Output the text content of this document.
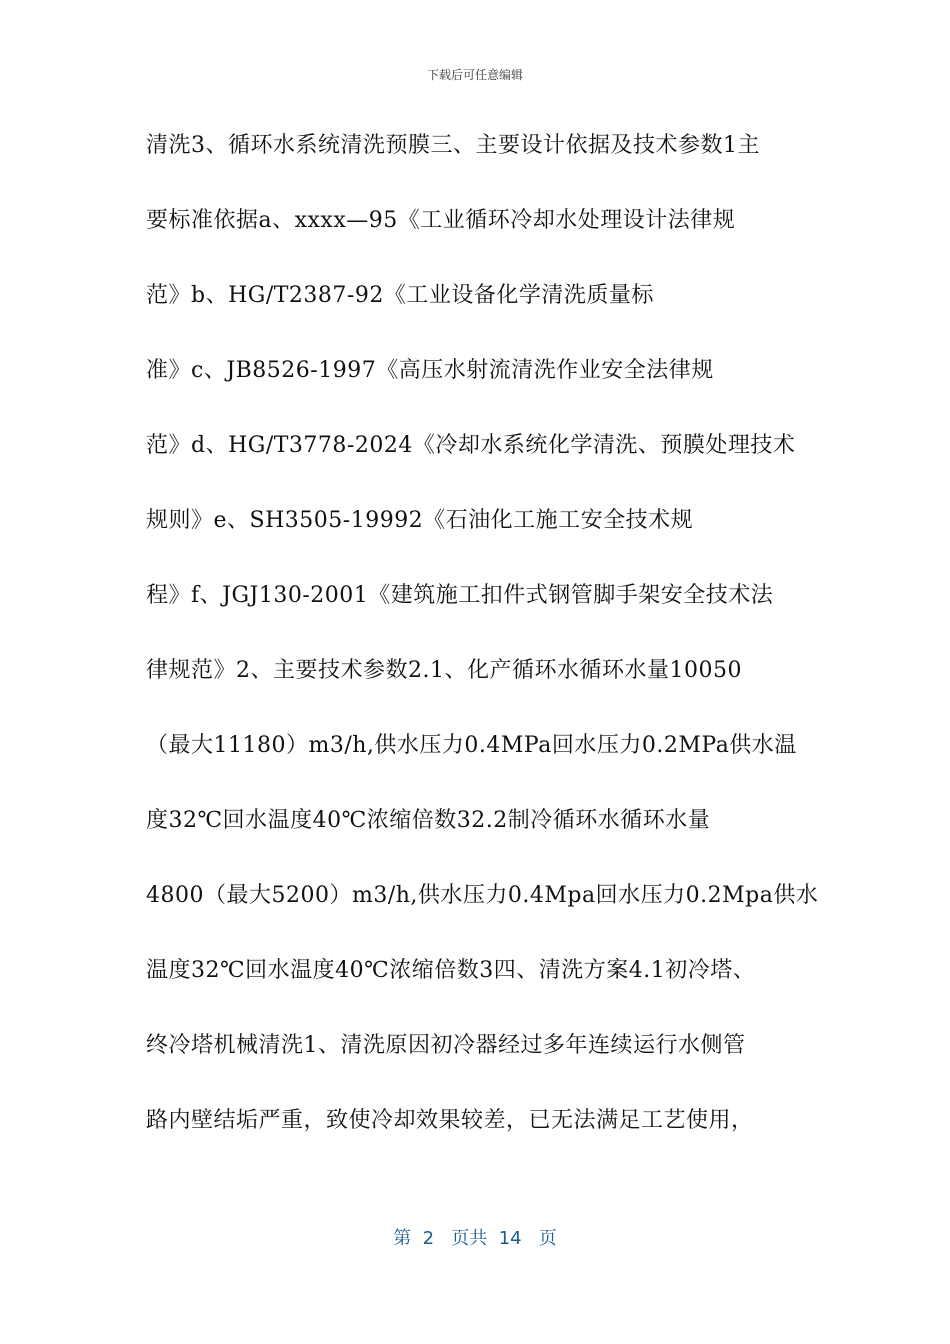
下载后可任意编辑
清洗3、循环水系统清洗预膜三、主要设计依据及技术参数1主
要标准依据a、xxxx—95《工业循环冷却水处理设计法律规
范》b、HG/T2387-92《工业设备化学清洗质量标
准》c、JB8526-1997《高压水射流清洗作业安全法律规
范》d、HG/T3778-2024《冷却水系统化学清洗、预膜处理技术
规则》e、SH3505-19992《石油化工施工安全技术规
程》f、JGJ130-2001《建筑施工扣件式钢管脚手架安全技术法
律规范》2、主要技术参数2.1、化产循环水循环水量10050
（最大11180）m3/h,供水压力0.4MPa回水压力0.2MPa供水温
度32℃回水温度40℃浓缩倍数32.2制冷循环水循环水量
4800（最大5200）m3/h,供水压力0.4Mpa回水压力0.2Mpa供水
温度32℃回水温度40℃浓缩倍数3四、清洗方案4.1初冷塔、
终冷塔机械清洗1、清洗原因初冷器经过多年连续运行水侧管
路内壁结垢严重，致使冷却效果较差，已无法满足工艺使用，
第  2   页共  14   页
